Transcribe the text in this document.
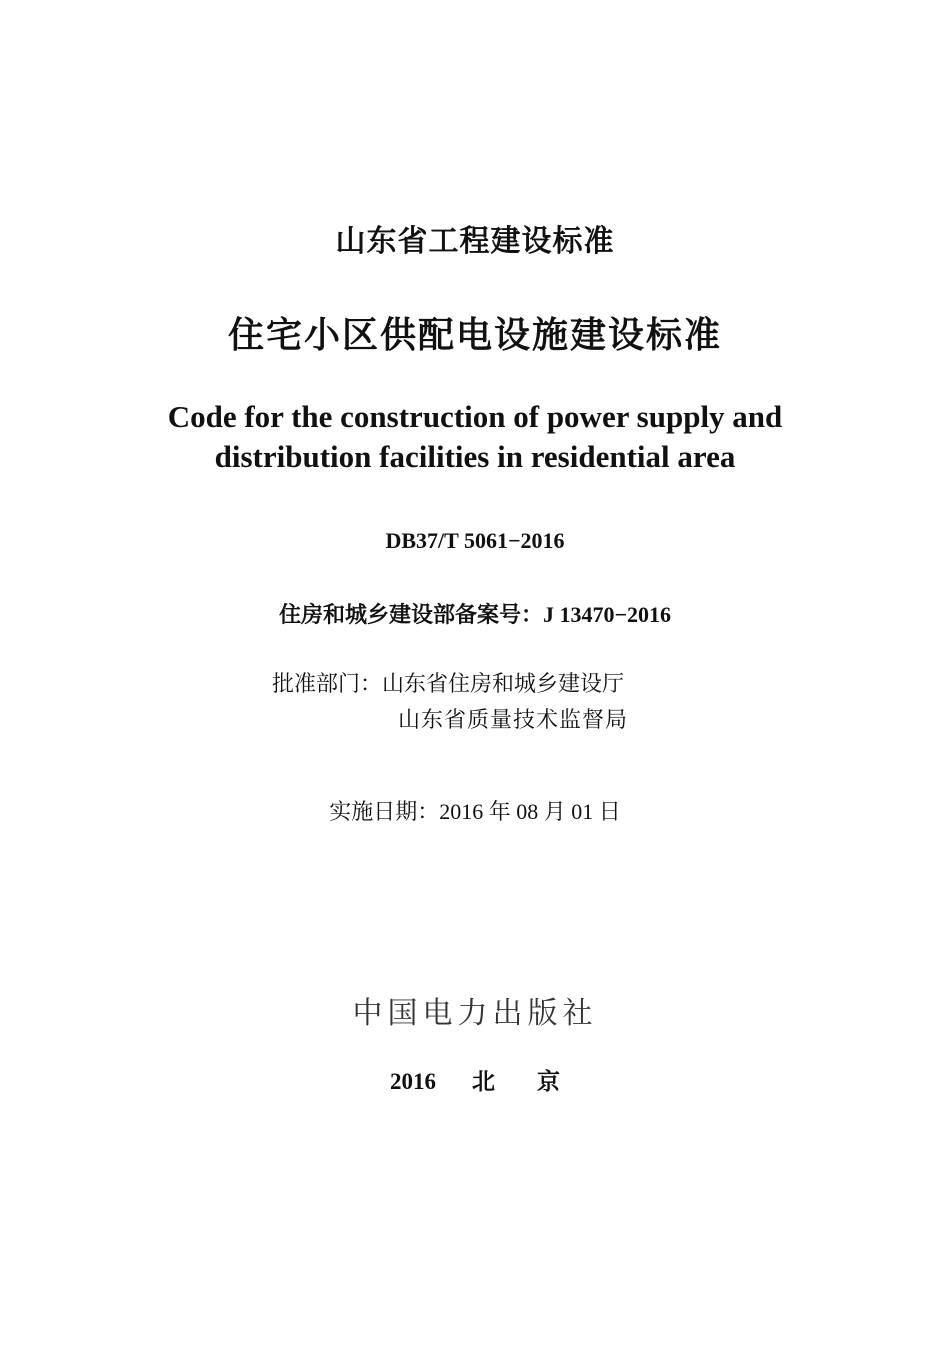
山东省工程建设标准
住宅小区供配电设施建设标准
Code for the construction of power supply and
distribution facilities in residential area
DB37/T 5061−2016
住房和城乡建设部备案号：J 13470−2016
批准部门：山东省住房和城乡建设厅
山东省质量技术监督局
实施日期：2016 年 08 月 01 日
中国电力出版社
2016 北 京
